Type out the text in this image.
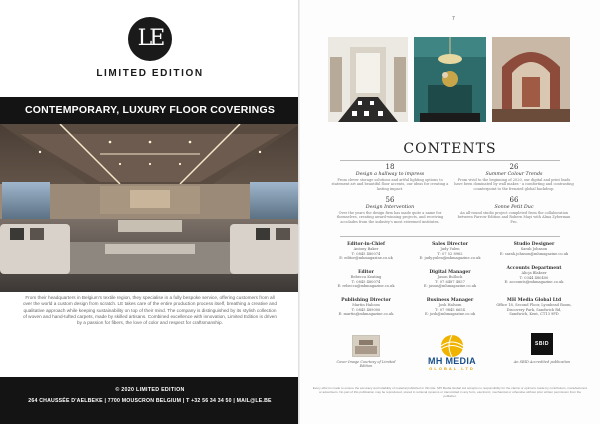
LE
LIMITED EDITION
CONTEMPORARY, LUXURY FLOOR COVERINGS
From their headquarters in Belgium's textile region, they specialise in a fully bespoke service, offering customers from all over the world a custom design from scratch. LE takes care of the entire production process itself, breathing a creative and qualitative approach while keeping sustainability on top of their mind. The company is distinguished by its stylish collection of woven and hand-tufted carpets, made by skilled artisans. Combined excellence with innovation, Limited Edition is driven by a passion for fibers, the love of color and respect for craftsmanship.
© 2020 LIMITED EDITION
264 CHAUSSÉE D'AELBEKE | 7700 MOUSCRON BELGIUM | T +32 56 34 34 50 | MAIL@LE.BE
7
CONTENTS
18
Design a hallway to impress
From clever storage solutions and artful lighting options to statement art and beautiful floor accents, our ideas for creating a lasting impact.
26
Summer Colour Trends
From vivid to the beginning of 2020, our digital and print leads have been dominated by wall makes - a comforting and contrasting counterpoint to the frenzied global backdrop.
56
Design Intervention
Over the years the design firm has made quite a name for themselves, creating award-winning projects, and receiving accolades from the industry's most esteemed institutes.
66
Sonne Petit Duc
An all-round studio project completed from the collaboration between Farrow Edition and Robern Mayi with Alma Zyberman Pro.
Editor-in-Chief
Antony Baker
T: 0845 480074
E: editor@mhmagazine.co.uk
Sales Director
Judy Yulen
T: 07 52 8962
E: judy.yulen@mhmagazine.co.uk
Studio Designer
Sarah Johnson
E: sarah.johnson@mhmagazine.co.uk
Editor
Rebecca Keating
T: 0845 480074
E: rebecca@mhmagazine.co.uk
Digital Manager
Jason Bullock
T: 07 6487 4857
E: jason@mhmagazine.co.uk
Accounts Department
Alicja Blakser
T: 0344 480400
E: accounts@mhmagazine.co.uk
Publishing Director
Martin Halcom
T: 0845 489000
E: martin@mhmagazine.co.uk
Business Manager
Josh Halsom
T: 07 9845 6654
E: josh@mhmagazine.co.uk
MH Media Global Ltd
Office 18, Second Floor, Lyonhead Room,
Discovery Park, Sandwich Rd,
Sandwich, Kent, CT13 9FD
Cover Image Courtesy of Limited Edition
MH MEDIA
GLOBAL LTD
SBID
An SBID Accredited publication
Every effort is made to ensure the accuracy and reliability of material published in this title. MH Media Global Ltd accepts no responsibility for the claims or opinions made by contributors, manufacturers or advertisers. No part of this publication may be reproduced, stored in retrieval systems or transmitted in any form, electronic, mechanical or otherwise without prior written permission from the publisher.
